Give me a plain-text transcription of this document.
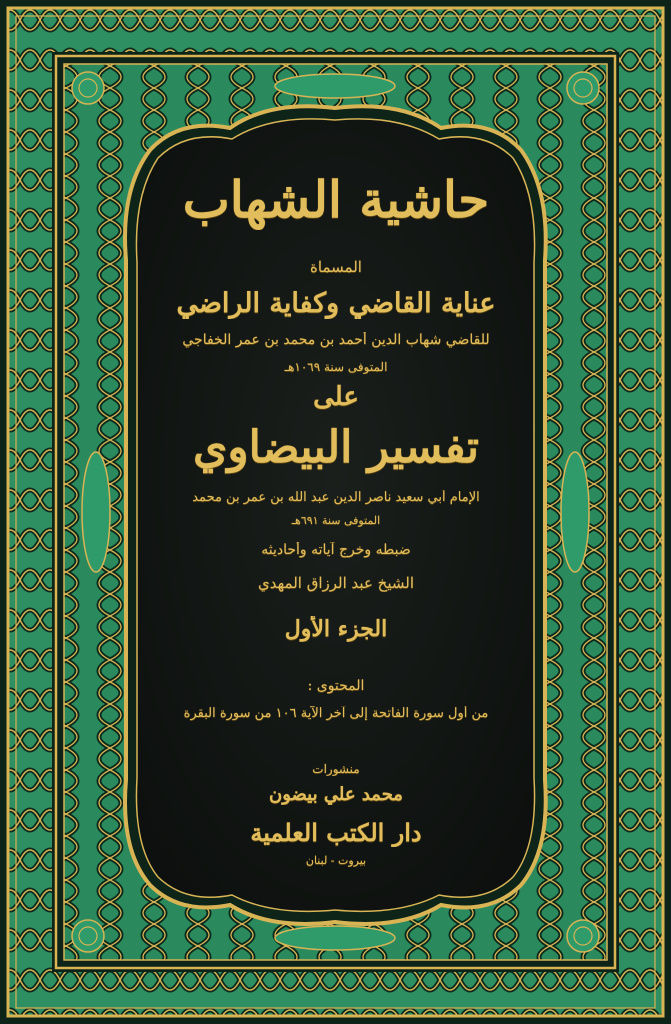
حاشية الشهاب
المسماة
عناية القاضي وكفاية الراضي
للقاضي شهاب الدين أحمد بن محمد بن عمر الخفاجي
المتوفى سنة ١٠٦٩هـ
على
تفسير البيضاوي
الإمام أبي سعيد ناصر الدين عبد الله بن عمر بن محمد
المتوفى سنة ٦٩١هـ
ضبطه وخرج آياته وأحاديثه
الشيخ عبد الرزاق المهدي
الجزء الأول
المحتوى :
من أول سورة الفاتحة إلى آخر الآية ١٠٦ من سورة البقرة
منشورات
محمد علي بيضون
دار الكتب العلمية
بيروت - لبنان
